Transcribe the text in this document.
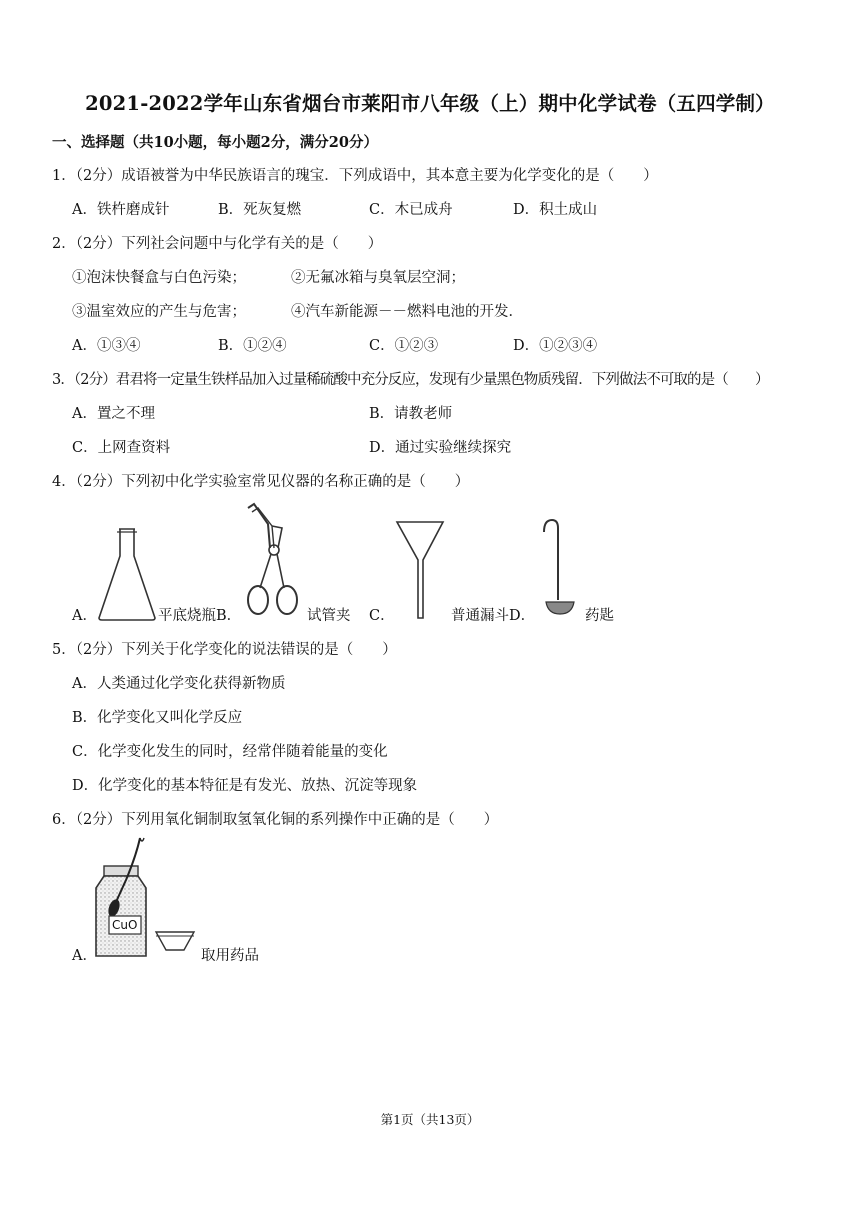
2021-2022学年山东省烟台市莱阳市八年级（上）期中化学试卷（五四学制）
一、选择题（共10小题，每小题2分，满分20分）
1．（2分）成语被誉为中华民族语言的瑰宝．下列成语中，其本意主要为化学变化的是（　　）
A．铁杵磨成针	B．死灰复燃	C．木已成舟	D．积土成山
2．（2分）下列社会问题中与化学有关的是（　　）
①泡沫快餐盒与白色污染；	②无氟冰箱与臭氧层空洞；
③温室效应的产生与危害；	④汽车新能源－－燃料电池的开发．
A．①③④	B．①②④	C．①②③	D．①②③④
3．（2分）君君将一定量生铁样品加入过量稀硫酸中充分反应，发现有少量黑色物质残留．下列做法不可取的是（　　）
A．置之不理	B．请教老师
C．上网查资料	D．通过实验继续探究
4．（2分）下列初中化学实验室常见仪器的名称正确的是（　　）
A．	平底烧瓶B．	试管夹 C．	普通漏斗D．	药匙
5．（2分）下列关于化学变化的说法错误的是（　　）
A．人类通过化学变化获得新物质
B．化学变化又叫化学反应
C．化学变化发生的同时，经常伴随着能量的变化
D．化学变化的基本特征是有发光、放热、沉淀等现象
6．（2分）下列用氧化铜制取氢氧化铜的系列操作中正确的是（　　）
CuO
A．	取用药品
第1页（共13页）
